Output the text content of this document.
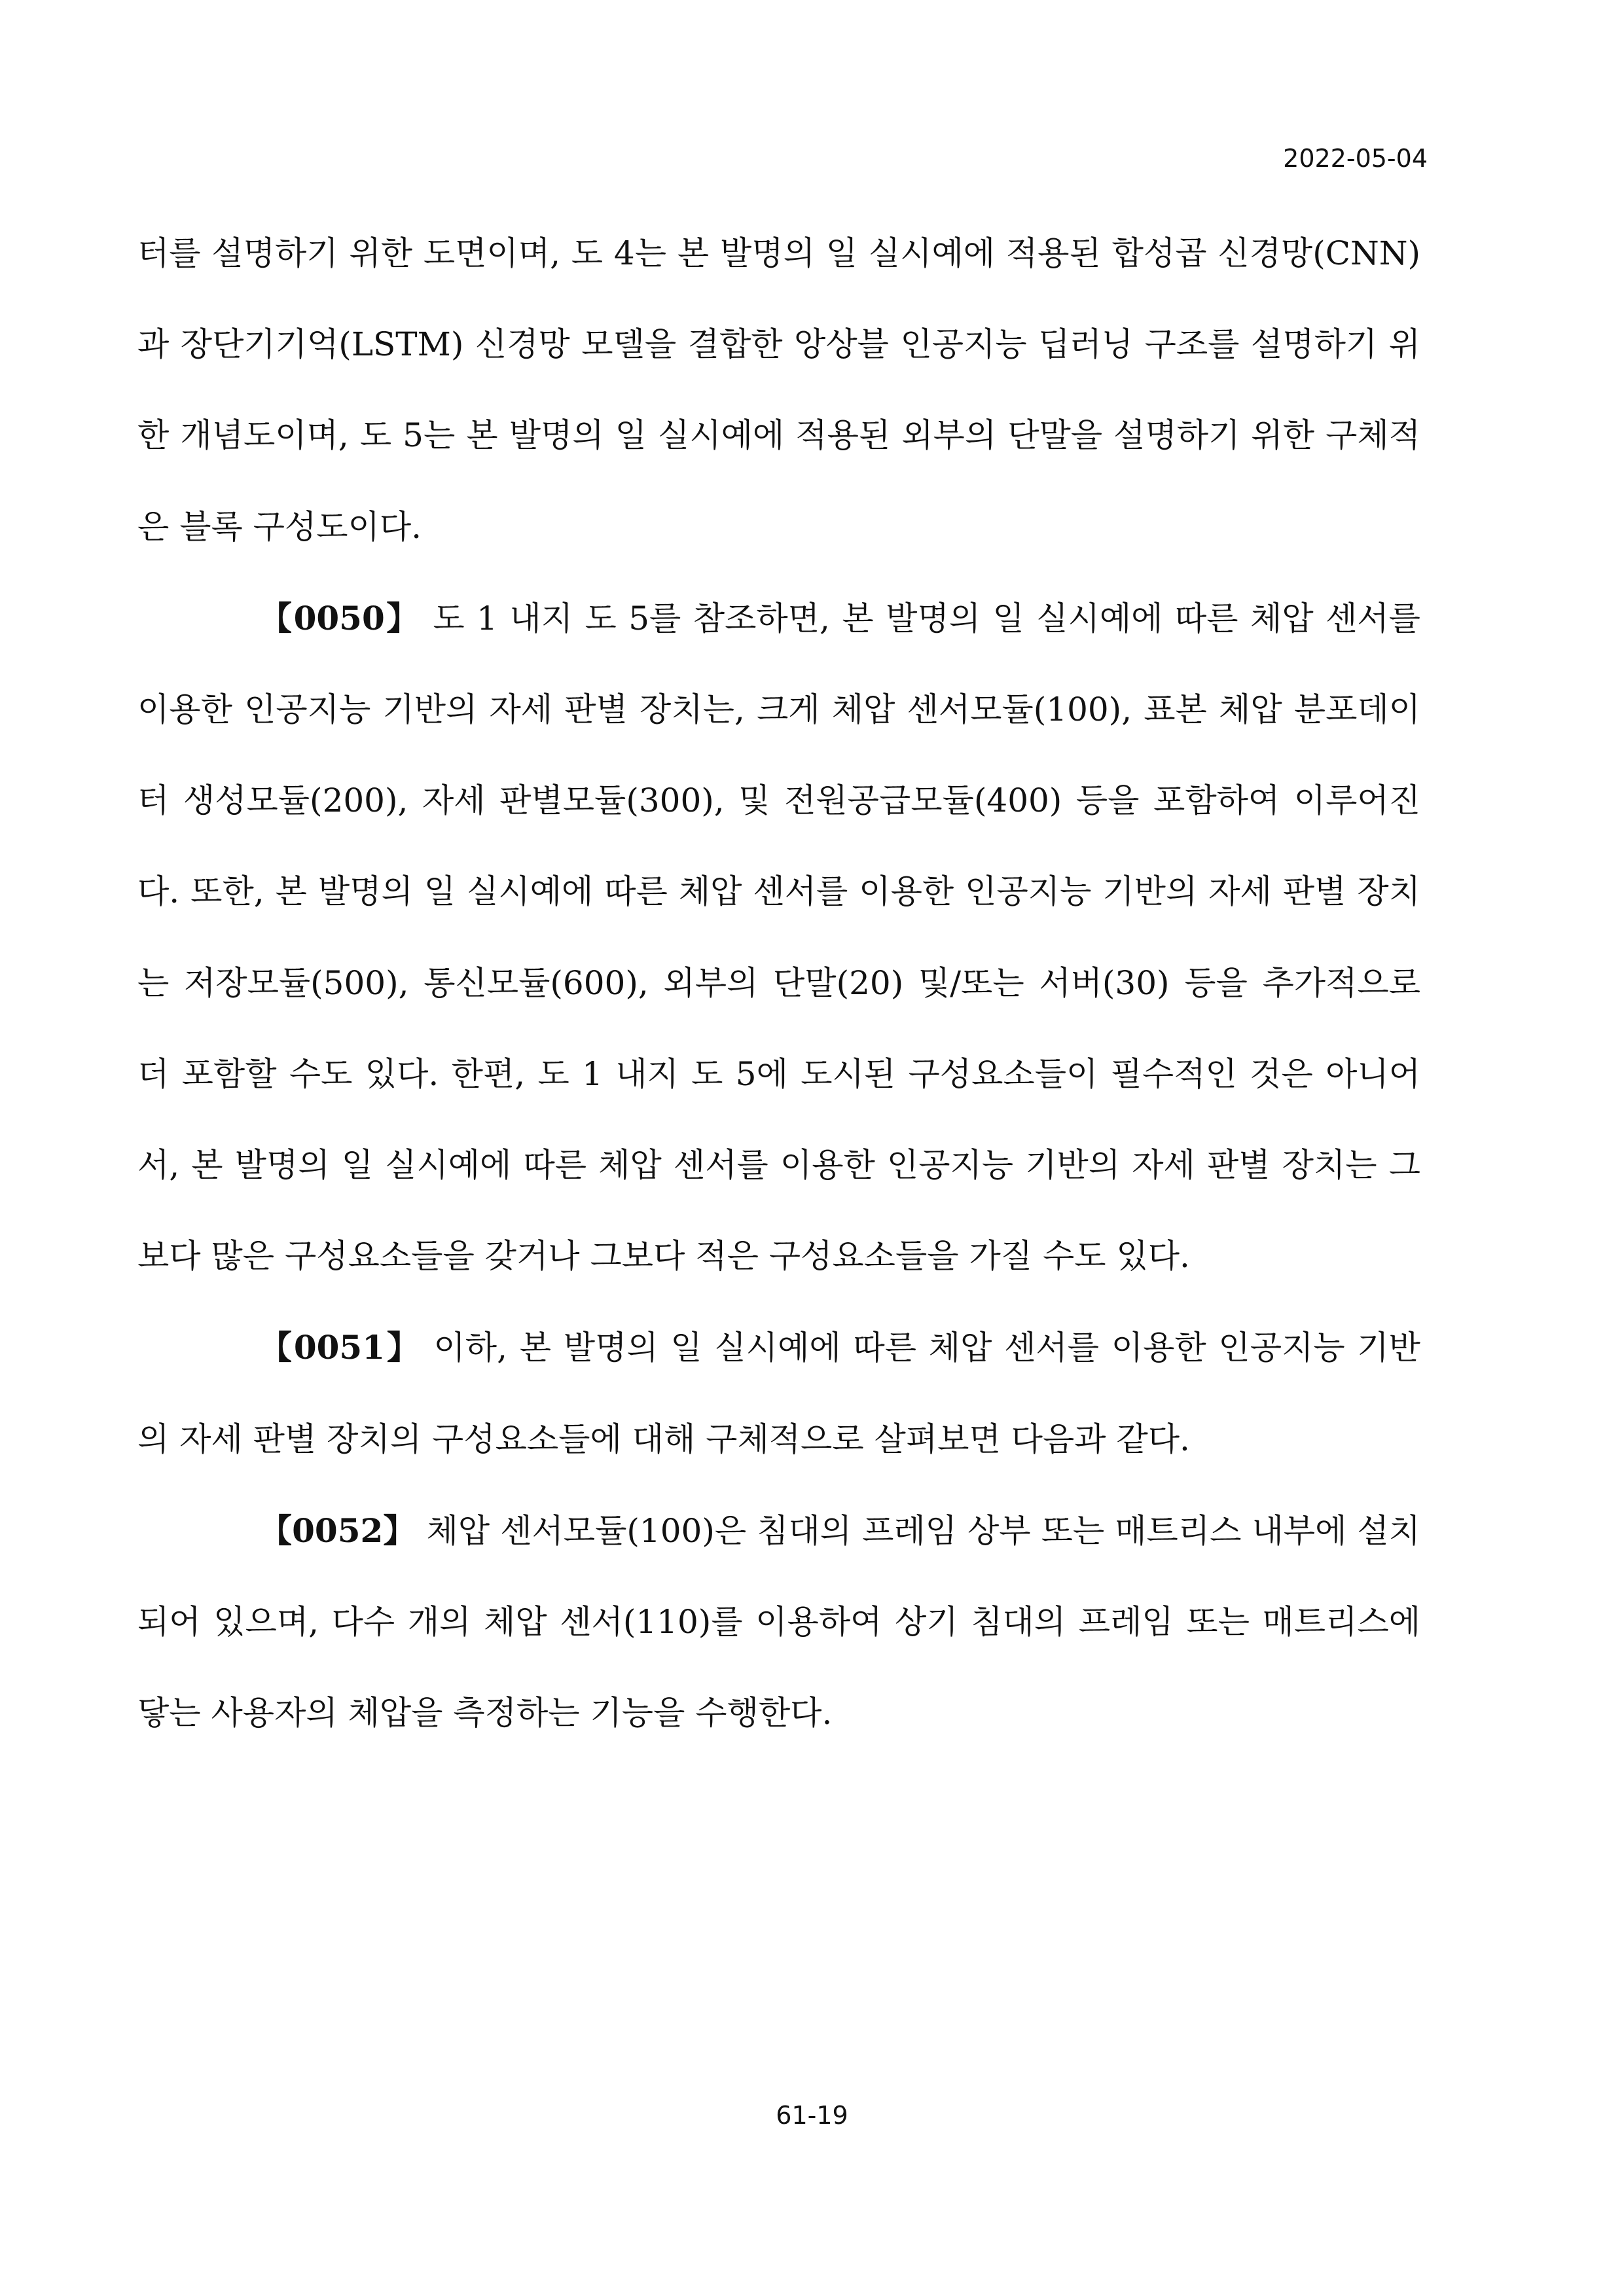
2022-05-04

터를 설명하기 위한 도면이며, 도 4는 본 발명의 일 실시예에 적용된 합성곱 신경망(CNN)과 장단기기억(LSTM) 신경망 모델을 결합한 앙상블 인공지능 딥러닝 구조를 설명하기 위한 개념도이며, 도 5는 본 발명의 일 실시예에 적용된 외부의 단말을 설명하기 위한 구체적은 블록 구성도이다.

【0050】 도 1 내지 도 5를 참조하면, 본 발명의 일 실시예에 따른 체압 센서를 이용한 인공지능 기반의 자세 판별 장치는, 크게 체압 센서모듈(100), 표본 체압 분포데이터 생성모듈(200), 자세 판별모듈(300), 및 전원공급모듈(400) 등을 포함하여 이루어진다. 또한, 본 발명의 일 실시예에 따른 체압 센서를 이용한 인공지능 기반의 자세 판별 장치는 저장모듈(500), 통신모듈(600), 외부의 단말(20) 및/또는 서버(30) 등을 추가적으로 더 포함할 수도 있다. 한편, 도 1 내지 도 5에 도시된 구성요소들이 필수적인 것은 아니어서, 본 발명의 일 실시예에 따른 체압 센서를 이용한 인공지능 기반의 자세 판별 장치는 그보다 많은 구성요소들을 갖거나 그보다 적은 구성요소들을 가질 수도 있다.

【0051】 이하, 본 발명의 일 실시예에 따른 체압 센서를 이용한 인공지능 기반의 자세 판별 장치의 구성요소들에 대해 구체적으로 살펴보면 다음과 같다.

【0052】 체압 센서모듈(100)은 침대의 프레임 상부 또는 매트리스 내부에 설치되어 있으며, 다수 개의 체압 센서(110)를 이용하여 상기 침대의 프레임 또는 매트리스에 닿는 사용자의 체압을 측정하는 기능을 수행한다.

61-19
